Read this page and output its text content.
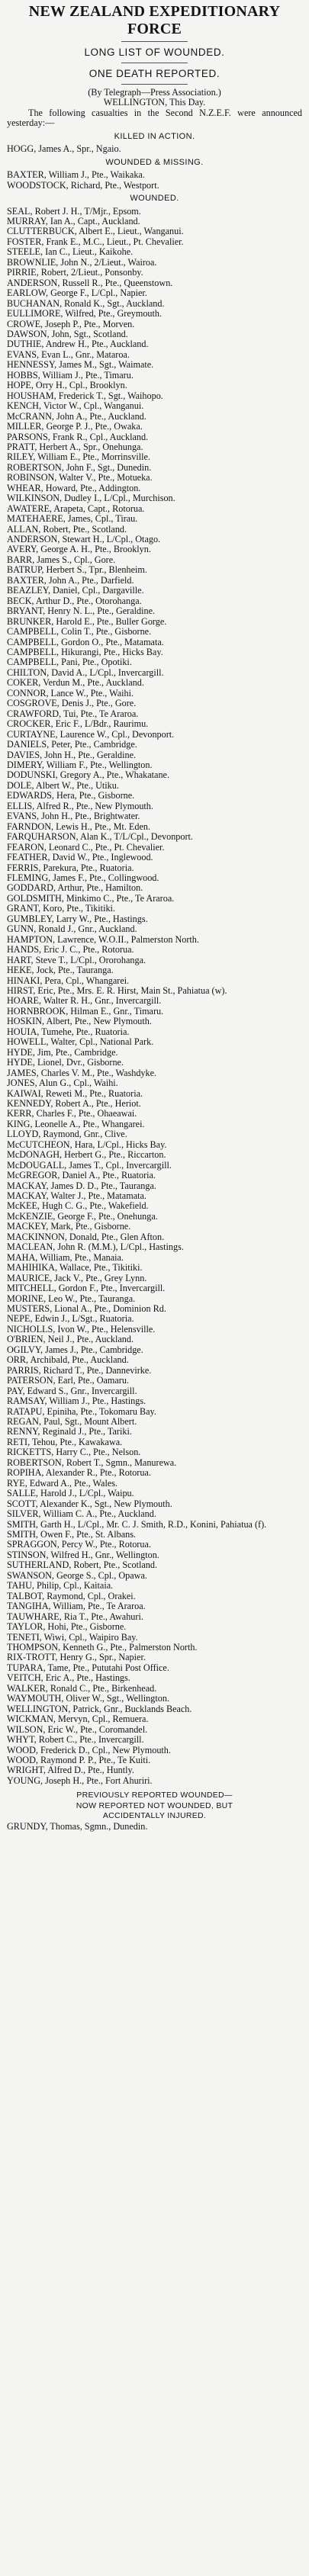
NEW ZEALAND EXPEDITIONARY
FORCE
LONG LIST OF WOUNDED.
ONE DEATH REPORTED.

(By Telegraph—Press Association.)

WELLINGTON, This Day.

The following casualties in the Second N.Z.E.F. were announced yesterday:—

KILLED IN ACTION.
HOGG, James A., Spr., Ngaio.
WOUNDED & MISSING.
BAXTER, William J., Pte., Waikaka.
WOODSTOCK, Richard, Pte., Westport.
WOUNDED.
SEAL, Robert J. H., T/Mjr., Epsom.
MURRAY, Ian A., Capt., Auckland.
CLUTTERBUCK, Albert E., Lieut., Wanganui.
FOSTER, Frank E., M.C., Lieut., Pt. Chevalier.
STEELE, Ian C., Lieut., Kaikohe.
BROWNLIE, John N., 2/Lieut., Wairoa.
PIRRIE, Robert, 2/Lieut., Ponsonby.
ANDERSON, Russell R., Pte., Queenstown.
EARLOW, George F., L/Cpl., Napier.
BUCHANAN, Ronald K., Sgt., Auckland.
EULLIMORE, Wilfred, Pte., Greymouth.
CROWE, Joseph P., Pte., Morven.
DAWSON, John, Sgt., Scotland.
DUTHIE, Andrew H., Pte., Auckland.
EVANS, Evan L., Gnr., Mataroa.
HENNESSY, James M., Sgt., Waimate.
HOBBS, William J., Pte., Timaru.
HOPE, Orry H., Cpl., Brooklyn.
HOUSHAM, Frederick T., Sgt., Waihopo.
KENCH, Victor W., Cpl., Wanganui.
McCRANN, John A., Pte., Auckland.
MILLER, George P. J., Pte., Owaka.
PARSONS, Frank R., Cpl., Auckland.
PRATT, Herbert A., Spr., Onehunga.
RILEY, William E., Pte., Morrinsville.
ROBERTSON, John F., Sgt., Dunedin.
ROBINSON, Walter V., Pte., Motueka.
WHEAR, Howard, Pte., Addington.
WILKINSON, Dudley I., L/Cpl., Murchison.
AWATERE, Arapeta, Capt., Rotorua.
MATEHAERE, James, Cpl., Tirau.
ALLAN, Robert, Pte., Scotland.
ANDERSON, Stewart H., L/Cpl., Otago.
AVERY, George A. H., Pte., Brooklyn.
BARR, James S., Cpl., Gore.
BATRUP, Herbert S., Tpr., Blenheim.
BAXTER, John A., Pte., Darfield.
BEAZLEY, Daniel, Cpl., Dargaville.
BECK, Arthur D., Pte., Otorohanga.
BRYANT, Henry N. L., Pte., Geraldine.
BRUNKER, Harold E., Pte., Buller Gorge.
CAMPBELL, Colin T., Pte., Gisborne.
CAMPBELL, Gordon O., Pte., Matamata.
CAMPBELL, Hikurangi, Pte., Hicks Bay.
CAMPBELL, Pani, Pte., Opotiki.
CHILTON, David A., L/Cpl., Invercargill.
COKER, Verdun M., Pte., Auckland.
CONNOR, Lance W., Pte., Waihi.
COSGROVE, Denis J., Pte., Gore.
CRAWFORD, Tui, Pte., Te Araroa.
CROCKER, Eric F., L/Bdr., Raurimu.
CURTAYNE, Laurence W., Cpl., Devonport.
DANIELS, Peter, Pte., Cambridge.
DAVIES, John H., Pte., Geraldine.
DIMERY, William F., Pte., Wellington.
DODUNSKI, Gregory A., Pte., Whakatane.
DOLE, Albert W., Pte., Utiku.
EDWARDS, Hera, Pte., Gisborne.
ELLIS, Alfred R., Pte., New Plymouth.
EVANS, John H., Pte., Brightwater.
FARNDON, Lewis H., Pte., Mt. Eden.
FARQUHARSON, Alan K., T/L/Cpl., Devonport.
FEARON, Leonard C., Pte., Pt. Chevalier.
FEATHER, David W., Pte., Inglewood.
FERRIS, Parekura, Pte., Ruatoria.
FLEMING, James F., Pte., Collingwood.
GODDARD, Arthur, Pte., Hamilton.
GOLDSMITH, Minkimo C., Pte., Te Araroa.
GRANT, Koro, Pte., Tikitiki.
GUMBLEY, Larry W., Pte., Hastings.
GUNN, Ronald J., Gnr., Auckland.
HAMPTON, Lawrence, W.O.II., Palmerston North.
HANDS, Eric J. C., Pte., Rotorua.
HART, Steve T., L/Cpl., Ororohanga.
HEKE, Jock, Pte., Tauranga.
HINAKI, Pera, Cpl., Whangarei.
HIRST, Eric, Pte., Mrs. E. R. Hirst, Main St., Pahiatua (w).
HOARE, Walter R. H., Gnr., Invercargill.
HORNBROOK, Hilman E., Gnr., Timaru.
HOSKIN, Albert, Pte., New Plymouth.
HOUIA, Tumehe, Pte., Ruatoria.
HOWELL, Walter, Cpl., National Park.
HYDE, Jim, Pte., Cambridge.
HYDE, Lionel, Dvr., Gisborne.
JAMES, Charles V. M., Pte., Washdyke.
JONES, Alun G., Cpl., Waihi.
KAIWAI, Reweti M., Pte., Ruatoria.
KENNEDY, Robert A., Pte., Heriot.
KERR, Charles F., Pte., Ohaeawai.
KING, Leonelle A., Pte., Whangarei.
LLOYD, Raymond, Gnr., Clive.
McCUTCHEON, Hara, L/Cpl., Hicks Bay.
McDONAGH, Herbert G., Pte., Riccarton.
McDOUGALL, James T., Cpl., Invercargill.
McGREGOR, Daniel A., Pte., Ruatoria.
MACKAY, James D. D., Pte., Tauranga.
MACKAY, Walter J., Pte., Matamata.
McKEE, Hugh C. G., Pte., Wakefield.
McKENZIE, George F., Pte., Onehunga.
MACKEY, Mark, Pte., Gisborne.
MACKINNON, Donald, Pte., Glen Afton.
MACLEAN, John R. (M.M.), L/Cpl., Hastings.
MAHA, William, Pte., Manaia.
MAHIHIKA, Wallace, Pte., Tikitiki.
MAURICE, Jack V., Pte., Grey Lynn.
MITCHELL, Gordon F., Pte., Invercargill.
MORINE, Leo W., Pte., Tauranga.
MUSTERS, Lional A., Pte., Dominion Rd.
NEPE, Edwin J., L/Sgt., Ruatoria.
NICHOLLS, Ivon W., Pte., Helensville.
O'BRIEN, Neil J., Pte., Auckland.
OGILVY, James J., Pte., Cambridge.
ORR, Archibald, Pte., Auckland.
PARRIS, Richard T., Pte., Dannevirke.
PATERSON, Earl, Pte., Oamaru.
PAY, Edward S., Gnr., Invercargill.
RAMSAY, William J., Pte., Hastings.
RATAPU, Epiniha, Pte., Tokomaru Bay.
REGAN, Paul, Sgt., Mount Albert.
RENNY, Reginald J., Pte., Tariki.
RETI, Tehou, Pte., Kawakawa.
RICKETTS, Harry C., Pte., Nelson.
ROBERTSON, Robert T., Sgmn., Manurewa.
ROPIHA, Alexander R., Pte., Rotorua.
RYE, Edward A., Pte., Wales.
SALLE, Harold J., L/Cpl., Waipu.
SCOTT, Alexander K., Sgt., New Plymouth.
SILVER, William C. A., Pte., Auckland.
SMITH, Garth H., L/Cpl., Mr. C. J. Smith, R.D., Konini, Pahiatua (f).
SMITH, Owen F., Pte., St. Albans.
SPRAGGON, Percy W., Pte., Rotorua.
STINSON, Wilfred H., Gnr., Wellington.
SUTHERLAND, Robert, Pte., Scotland.
SWANSON, George S., Cpl., Opawa.
TAHU, Philip, Cpl., Kaitaia.
TALBOT, Raymond, Cpl., Orakei.
TANGIHA, William, Pte., Te Araroa.
TAUWHARE, Ria T., Pte., Awahuri.
TAYLOR, Hohi, Pte., Gisborne.
TENETI, Wiwi, Cpl., Waipiro Bay.
THOMPSON, Kenneth G., Pte., Palmerston North.
RIX-TROTT, Henry G., Spr., Napier.
TUPARA, Tame, Pte., Pututahi Post Office.
VEITCH, Eric A., Pte., Hastings.
WALKER, Ronald C., Pte., Birkenhead.
WAYMOUTH, Oliver W., Sgt., Wellington.
WELLINGTON, Patrick, Gnr., Bucklands Beach.
WICKMAN, Mervyn, Cpl., Remuera.
WILSON, Eric W., Pte., Coromandel.
WHYT, Robert C., Pte., Invercargill.
WOOD, Frederick D., Cpl., New Plymouth.
WOOD, Raymond P. P., Pte., Te Kuiti.
WRIGHT, Alfred D., Pte., Huntly.
YOUNG, Joseph H., Pte., Fort Ahuriri.
PREVIOUSLY REPORTED WOUNDED—
NOW REPORTED NOT WOUNDED, BUT
ACCIDENTALLY INJURED.

GRUNDY, Thomas, Sgmn., Dunedin.
